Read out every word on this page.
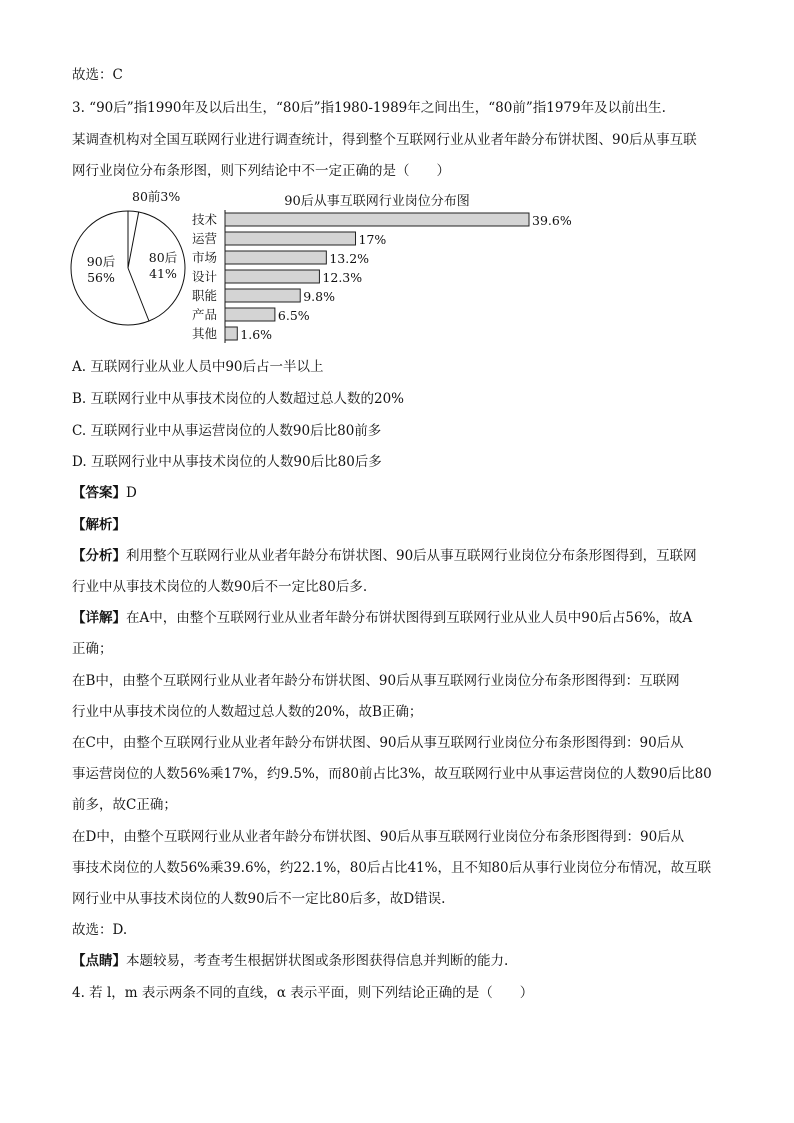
故选：C
3. “90后”指1990年及以后出生，“80后”指1980-1989年之间出生，“80前”指1979年及以前出生.
某调查机构对全国互联网行业进行调查统计，得到整个互联网行业从业者年龄分布饼状图、90后从事互联
网行业岗位分布条形图，则下列结论中不一定正确的是（　　）
80前3%
80后
41%
90后
56%
90后从事互联网行业岗位分布图
技术	39.6%
运营	17%
市场	13.2%
设计	12.3%
职能	9.8%
产品	6.5%
其他 1.6%
A. 互联网行业从业人员中90后占一半以上
B. 互联网行业中从事技术岗位的人数超过总人数的20%
C. 互联网行业中从事运营岗位的人数90后比80前多
D. 互联网行业中从事技术岗位的人数90后比80后多
【答案】D
【解析】
【分析】利用整个互联网行业从业者年龄分布饼状图、90后从事互联网行业岗位分布条形图得到，互联网
行业中从事技术岗位的人数90后不一定比80后多.
【详解】在A中，由整个互联网行业从业者年龄分布饼状图得到互联网行业从业人员中90后占56%，故A
正确；
在B中，由整个互联网行业从业者年龄分布饼状图、90后从事互联网行业岗位分布条形图得到：互联网
行业中从事技术岗位的人数超过总人数的20%，故B正确；
在C中，由整个互联网行业从业者年龄分布饼状图、90后从事互联网行业岗位分布条形图得到：90后从
事运营岗位的人数56%乘17%，约9.5%，而80前占比3%，故互联网行业中从事运营岗位的人数90后比80
前多，故C正确；
在D中，由整个互联网行业从业者年龄分布饼状图、90后从事互联网行业岗位分布条形图得到：90后从
事技术岗位的人数56%乘39.6%，约22.1%，80后占比41%，且不知80后从事行业岗位分布情况，故互联
网行业中从事技术岗位的人数90后不一定比80后多，故D错误.
故选：D.
【点睛】本题较易，考查考生根据饼状图或条形图获得信息并判断的能力.
4. 若 l，m 表示两条不同的直线，α 表示平面，则下列结论正确的是（　　）
